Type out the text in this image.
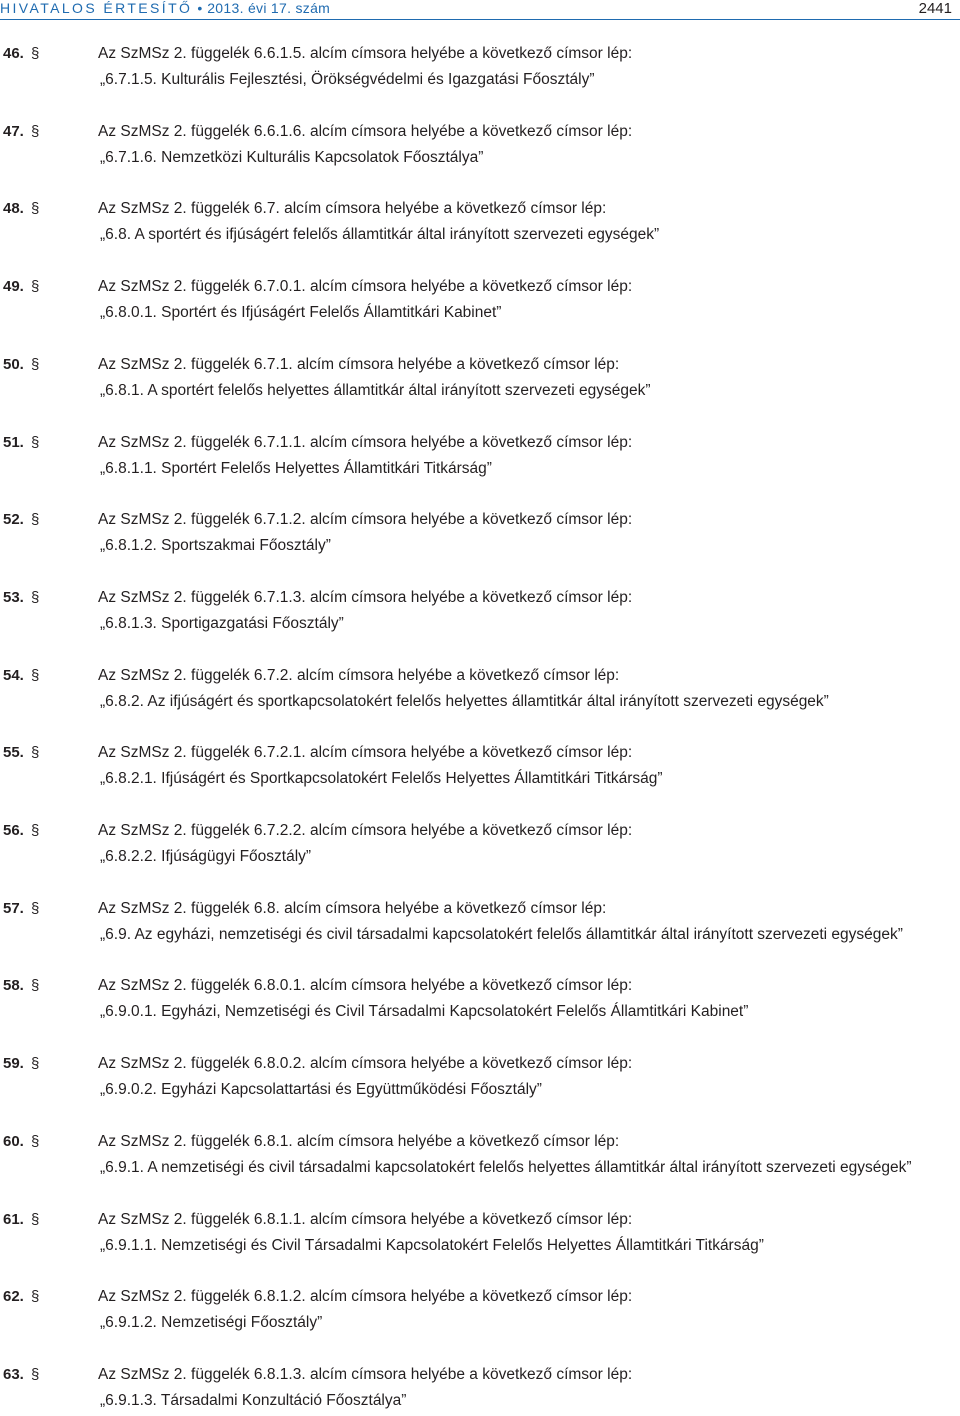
HIVATALOS ÉRTESÍTŐ • 2013. évi 17. szám	2441
46. §	Az SzMSz 2. függelék 6.6.1.5. alcím címsora helyébe a következő címsor lép:
„6.7.1.5. Kulturális Fejlesztési, Örökségvédelmi és Igazgatási Főosztály”
47. §	Az SzMSz 2. függelék 6.6.1.6. alcím címsora helyébe a következő címsor lép:
„6.7.1.6. Nemzetközi Kulturális Kapcsolatok Főosztálya”
48. §	Az SzMSz 2. függelék 6.7. alcím címsora helyébe a következő címsor lép:
„6.8. A sportért és ifjúságért felelős államtitkár által irányított szervezeti egységek”
49. §	Az SzMSz 2. függelék 6.7.0.1. alcím címsora helyébe a következő címsor lép:
„6.8.0.1. Sportért és Ifjúságért Felelős Államtitkári Kabinet”
50. §	Az SzMSz 2. függelék 6.7.1. alcím címsora helyébe a következő címsor lép:
„6.8.1. A sportért felelős helyettes államtitkár által irányított szervezeti egységek”
51. §	Az SzMSz 2. függelék 6.7.1.1. alcím címsora helyébe a következő címsor lép:
„6.8.1.1. Sportért Felelős Helyettes Államtitkári Titkárság”
52. §	Az SzMSz 2. függelék 6.7.1.2. alcím címsora helyébe a következő címsor lép:
„6.8.1.2. Sportszakmai Főosztály”
53. §	Az SzMSz 2. függelék 6.7.1.3. alcím címsora helyébe a következő címsor lép:
„6.8.1.3. Sportigazgatási Főosztály”
54. §	Az SzMSz 2. függelék 6.7.2. alcím címsora helyébe a következő címsor lép:
„6.8.2. Az ifjúságért és sportkapcsolatokért felelős helyettes államtitkár által irányított szervezeti egységek”
55. §	Az SzMSz 2. függelék 6.7.2.1. alcím címsora helyébe a következő címsor lép:
„6.8.2.1. Ifjúságért és Sportkapcsolatokért Felelős Helyettes Államtitkári Titkárság”
56. §	Az SzMSz 2. függelék 6.7.2.2. alcím címsora helyébe a következő címsor lép:
„6.8.2.2. Ifjúságügyi Főosztály”
57. §	Az SzMSz 2. függelék 6.8. alcím címsora helyébe a következő címsor lép:
„6.9. Az egyházi, nemzetiségi és civil társadalmi kapcsolatokért felelős államtitkár által irányított szervezeti egységek”
58. §	Az SzMSz 2. függelék 6.8.0.1. alcím címsora helyébe a következő címsor lép:
„6.9.0.1. Egyházi, Nemzetiségi és Civil Társadalmi Kapcsolatokért Felelős Államtitkári Kabinet”
59. §	Az SzMSz 2. függelék 6.8.0.2. alcím címsora helyébe a következő címsor lép:
„6.9.0.2. Egyházi Kapcsolattartási és Együttműködési Főosztály”
60. §	Az SzMSz 2. függelék 6.8.1. alcím címsora helyébe a következő címsor lép:
„6.9.1. A nemzetiségi és civil társadalmi kapcsolatokért felelős helyettes államtitkár által irányított szervezeti egységek”
61. §	Az SzMSz 2. függelék 6.8.1.1. alcím címsora helyébe a következő címsor lép:
„6.9.1.1. Nemzetiségi és Civil Társadalmi Kapcsolatokért Felelős Helyettes Államtitkári Titkárság”
62. §	Az SzMSz 2. függelék 6.8.1.2. alcím címsora helyébe a következő címsor lép:
„6.9.1.2. Nemzetiségi Főosztály”
63. §	Az SzMSz 2. függelék 6.8.1.3. alcím címsora helyébe a következő címsor lép:
„6.9.1.3. Társadalmi Konzultáció Főosztálya”
